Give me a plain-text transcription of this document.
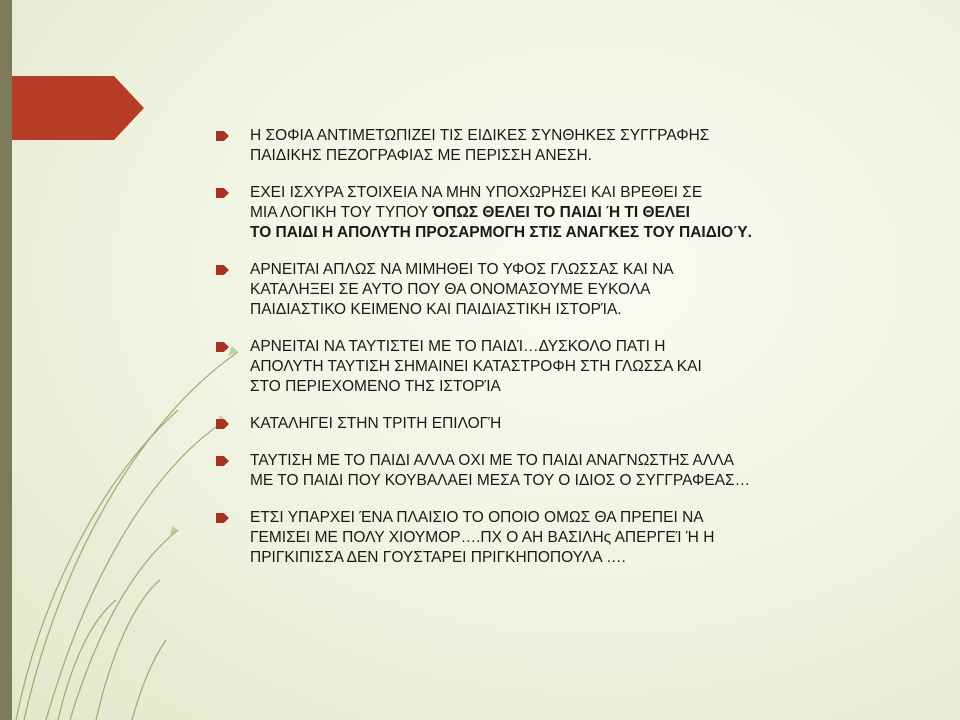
Η ΣΟΦΙΑ ΑΝΤΙΜΕΤΩΠΙΖΕΙ ΤΙΣ ΕΙΔΙΚΕΣ ΣΥΝΘΗΚΕΣ ΣΥΓΓΡΑΦΗΣ
ΠΑΙΔΙΚΗΣ ΠΕΖΟΓΡΑΦΙΑΣ ΜΕ ΠΕΡΙΣΣΗ ΑΝΕΣΗ.
ΕΧΕΙ ΙΣΧΥΡΑ ΣΤΟΙΧΕΙΑ ΝΑ ΜΗΝ ΥΠΟΧΩΡΗΣΕΙ ΚΑΙ ΒΡΕΘΕΙ ΣΕ
ΜΙΑ ΛΟΓΙΚΗ ΤΟΥ ΤΥΠΟΥ ΌΠΩΣ ΘΕΛΕΙ ΤΟ ΠΑΙΔΙ Ή ΤΙ ΘΕΛΕΙ
ΤΟ ΠΑΙΔΙ Η ΑΠΟΛΥΤΗ ΠΡΟΣΑΡΜΟΓΗ ΣΤΙΣ ΑΝΑΓΚΕΣ ΤΟΥ ΠΑΙΔΙΟΎ.
ΑΡΝΕΙΤΑΙ ΑΠΛΩΣ ΝΑ ΜΙΜΗΘΕΙ ΤΟ ΥΦΟΣ ΓΛΩΣΣΑΣ ΚΑΙ ΝΑ
ΚΑΤΑΛΗΞΕΙ ΣΕ ΑΥΤΟ ΠΟΥ ΘΑ ΟΝΟΜΑΣΟΥΜΕ ΕΥΚΟΛΑ
ΠΑΙΔΙΑΣΤΙΚΟ ΚΕΙΜΕΝΟ ΚΑΙ ΠΑΙΔΙΑΣΤΙΚΗ ΙΣΤΟΡΊΑ.
ΑΡΝΕΙΤΑΙ ΝΑ ΤΑΥΤΙΣΤΕΙ ΜΕ ΤΟ ΠΑΙΔΊ…ΔΥΣΚΟΛΟ ΠΑΤΙ Η
ΑΠΟΛΥΤΗ ΤΑΥΤΙΣΗ ΣΗΜΑΙΝΕΙ ΚΑΤΑΣΤΡΟΦΗ ΣΤΗ ΓΛΩΣΣΑ ΚΑΙ
ΣΤΟ ΠΕΡΙΕΧΟΜΕΝΟ ΤΗΣ ΙΣΤΟΡΊΑ
ΚΑΤΑΛΗΓΕΙ ΣΤΗΝ ΤΡΙΤΗ ΕΠΙΛΟΓΉ
ΤΑΥΤΙΣΗ ΜΕ ΤΟ ΠΑΙΔΙ ΑΛΛΑ ΟΧΙ ΜΕ ΤΟ ΠΑΙΔΙ ΑΝΑΓΝΩΣΤΗΣ ΑΛΛΑ
ΜΕ ΤΟ ΠΑΙΔΙ ΠΟΥ ΚΟΥΒΑΛΑΕΙ ΜΕΣΑ ΤΟΥ Ο ΙΔΙΟΣ Ο ΣΥΓΓΡΑΦΕΑΣ…
ΕΤΣΙ ΥΠΑΡΧΕΙ ΈΝΑ ΠΛΑΙΣΙΟ ΤΟ ΟΠΟΙΟ ΟΜΩΣ ΘΑ ΠΡΕΠΕΙ ΝΑ
ΓΕΜΙΣΕΙ ΜΕ ΠΟΛΥ ΧΙΟΥΜΟΡ….ΠΧ Ο ΑΗ ΒΑΣΙΛΗς ΑΠΕΡΓΕΊ Ή Η
ΠΡΙΓΚΙΠΙΣΣΑ ΔΕΝ ΓΟΥΣΤΑΡΕΙ ΠΡΙΓΚΗΠΟΠΟΥΛΑ ….
